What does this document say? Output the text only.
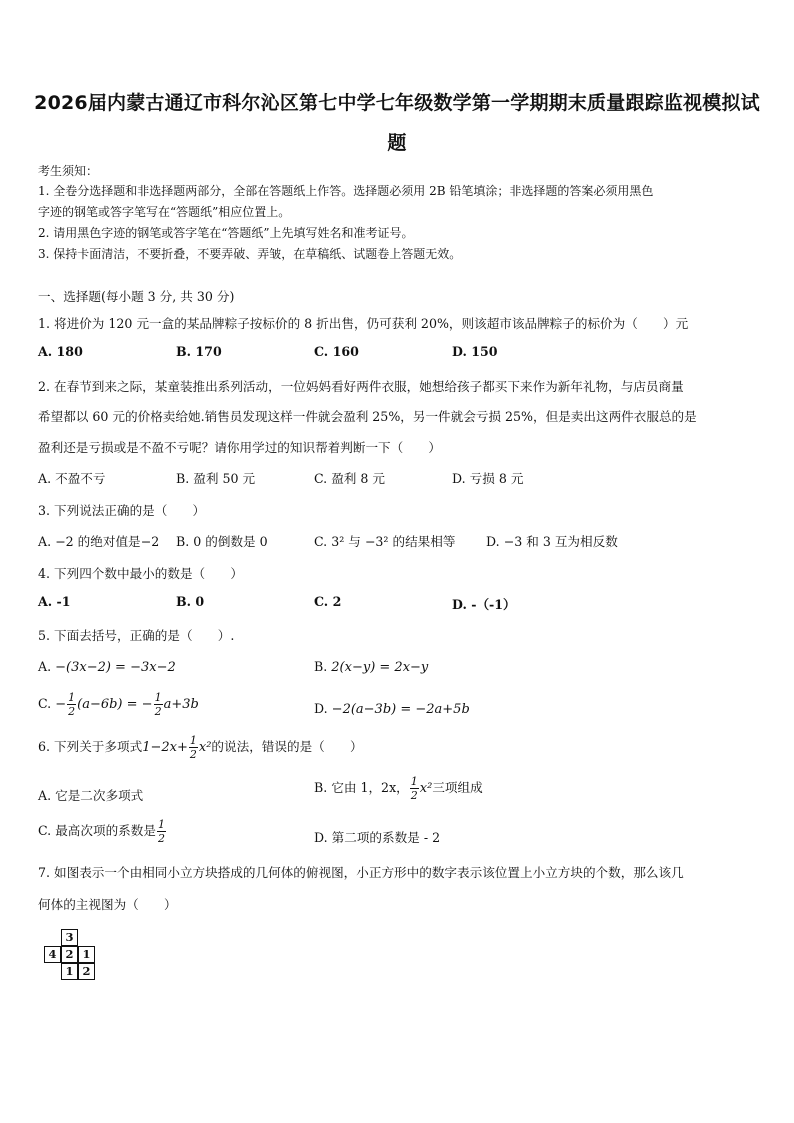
2026届内蒙古通辽市科尔沁区第七中学七年级数学第一学期期末质量跟踪监视模拟试
题
考生须知：
1. 全卷分选择题和非选择题两部分，全部在答题纸上作答。选择题必须用 2B 铅笔填涂；非选择题的答案必须用黑色
字迹的钢笔或答字笔写在“答题纸”相应位置上。
2. 请用黑色字迹的钢笔或答字笔在“答题纸”上先填写姓名和准考证号。
3. 保持卡面清洁，不要折叠，不要弄破、弄皱，在草稿纸、试题卷上答题无效。
一、选择题(每小题 3 分, 共 30 分)
1. 将进价为 120 元一盒的某品牌粽子按标价的 8 折出售，仍可获利 20%，则该超市该品牌粽子的标价为（　　）元
A. 180	B. 170	C. 160	D. 150
2. 在春节到来之际，某童装推出系列活动，一位妈妈看好两件衣服，她想给孩子都买下来作为新年礼物，与店员商量
希望都以 60 元的价格卖给她.销售员发现这样一件就会盈利 25%，另一件就会亏损 25%，但是卖出这两件衣服总的是
盈利还是亏损或是不盈不亏呢？请你用学过的知识帮着判断一下（　　）
A. 不盈不亏	B. 盈利 50 元	C. 盈利 8 元	D. 亏损 8 元
3. 下列说法正确的是（　　）
A. −2 的绝对值是−2 B. 0 的倒数是 0	C. 3² 与 −3² 的结果相等 D. −3 和 3 互为相反数
4. 下列四个数中最小的数是（　　）
A. -1	B. 0	C. 2	D. -（-1）
5. 下面去括号，正确的是（　　）.
A. −(3x−2) = −3x−2	B. 2(x−y) = 2x−y
C. − $\frac{1}{2} (a-6b)$ = − $\frac{1}{2} a+3b$	D. −2(a−3b) = −2a+5b
6. 下列关于多项式$1-2x+ \frac{1}{2} x^2$的说法，错误的是（　　）
A. 它是二次多项式
B. 它由 1，2x， $\frac{1}{2} x^2$三项组成
C. 最高次项的系数是 $\frac{1}{2}$	D. 第二项的系数是 - 2
7. 如图表示一个由相同小立方块搭成的几何体的俯视图，小正方形中的数字表示该位置上小立方块的个数，那么该几
何体的主视图为（　　）
3
4 2 1
1 2
